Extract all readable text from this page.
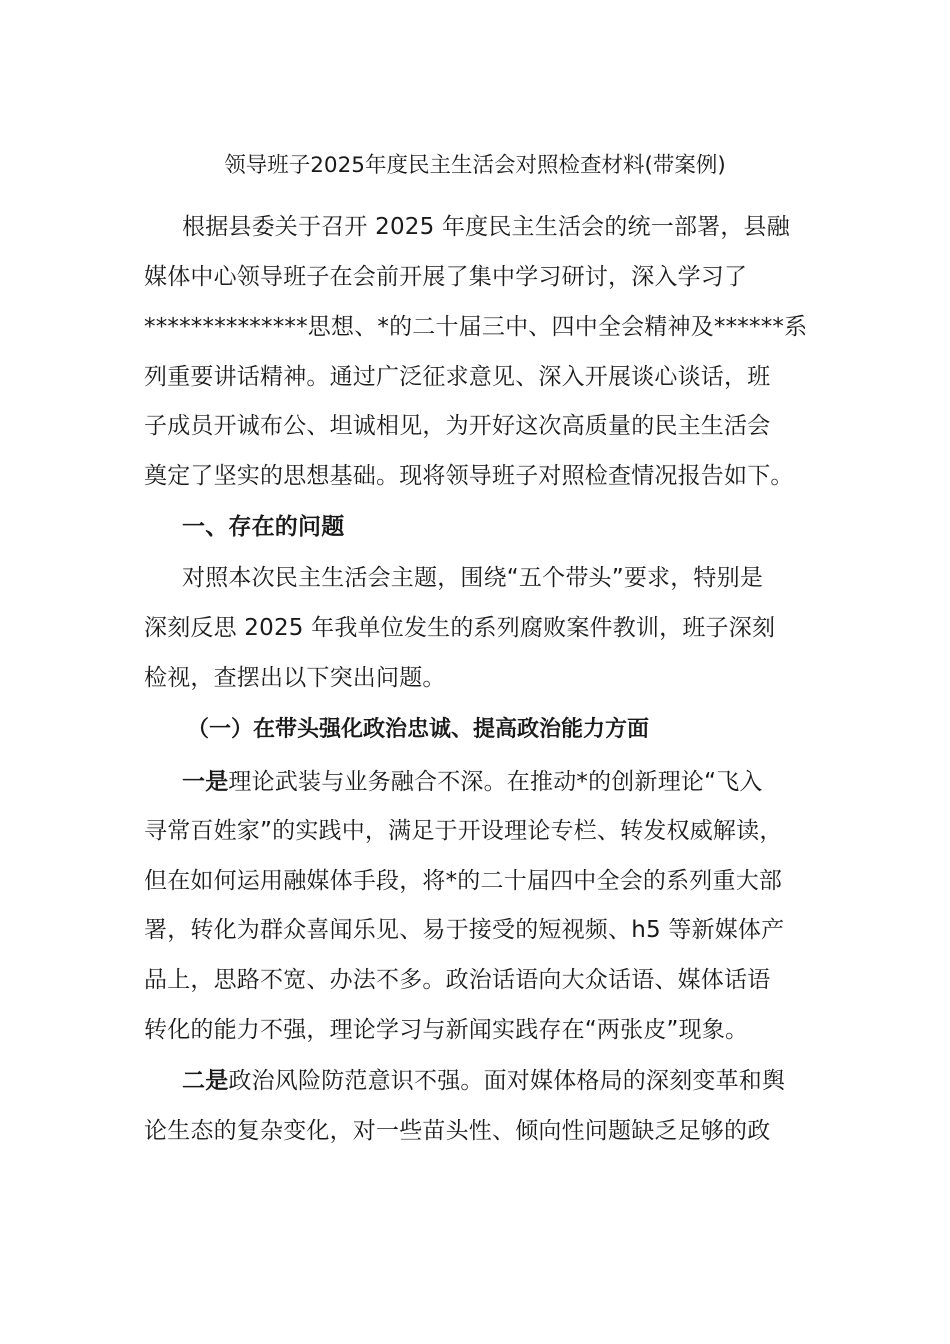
领导班子2025年度民主生活会对照检查材料(带案例)
根据县委关于召开 2025 年度民主生活会的统一部署，县融
媒体中心领导班子在会前开展了集中学习研讨，深入学习了
**************思想、*的二十届三中、四中全会精神及******系
列重要讲话精神。通过广泛征求意见、深入开展谈心谈话，班
子成员开诚布公、坦诚相见，为开好这次高质量的民主生活会
奠定了坚实的思想基础。现将领导班子对照检查情况报告如下。
一、存在的问题
对照本次民主生活会主题，围绕“五个带头”要求，特别是
深刻反思 2025 年我单位发生的系列腐败案件教训，班子深刻
检视，查摆出以下突出问题。
（一）在带头强化政治忠诚、提高政治能力方面
一是理论武装与业务融合不深。在推动*的创新理论“飞入
寻常百姓家”的实践中，满足于开设理论专栏、转发权威解读，
但在如何运用融媒体手段，将*的二十届四中全会的系列重大部
署，转化为群众喜闻乐见、易于接受的短视频、h5 等新媒体产
品上，思路不宽、办法不多。政治话语向大众话语、媒体话语
转化的能力不强，理论学习与新闻实践存在“两张皮”现象。
二是政治风险防范意识不强。面对媒体格局的深刻变革和舆
论生态的复杂变化，对一些苗头性、倾向性问题缺乏足够的政
